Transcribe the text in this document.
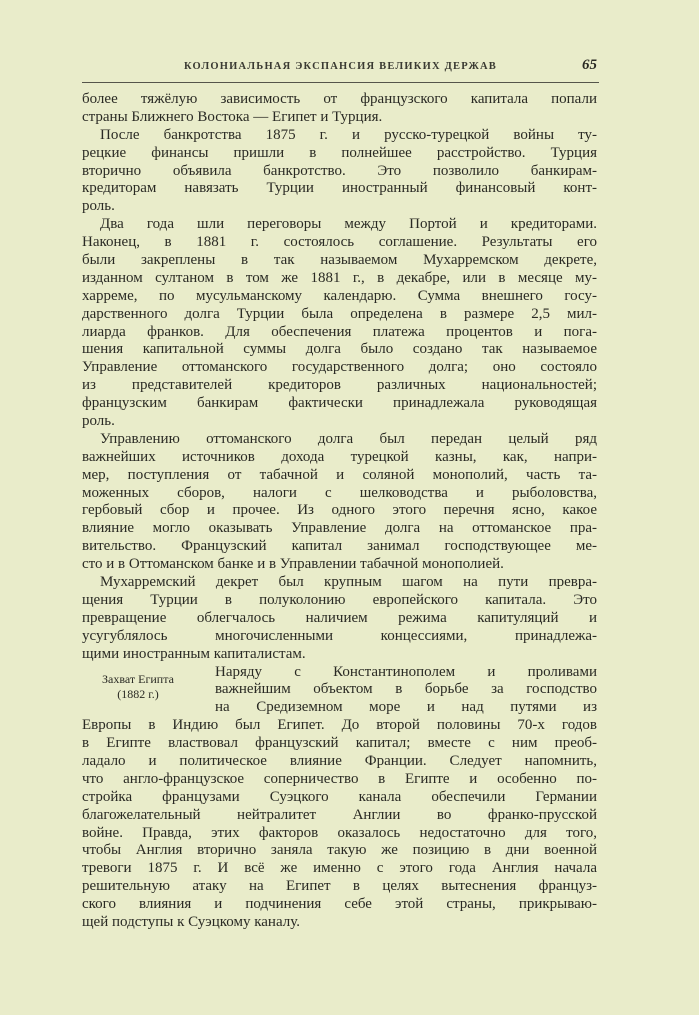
КОЛОНИАЛЬНАЯ ЭКСПАНСИЯ ВЕЛИКИХ ДЕРЖАВ	65
Захват Египта
(1882 г.)
более тяжёлую зависимость от французского капитала попали
страны Ближнего Востока — Египет и Турция.
После банкротства 1875 г. и русско-турецкой войны ту-
рецкие финансы пришли в полнейшее расстройство. Турция
вторично объявила банкротство. Это позволило банкирам-
кредиторам навязать Турции иностранный финансовый конт-
роль.
Два года шли переговоры между Портой и кредиторами.
Наконец, в 1881 г. состоялось соглашение. Результаты его
были закреплены в так называемом Мухарремском декрете,
изданном султаном в том же 1881 г., в декабре, или в месяце му-
харреме, по мусульманскому календарю. Сумма внешнего госу-
дарственного долга Турции была определена в размере 2,5 мил-
лиарда франков. Для обеспечения платежа процентов и пога-
шения капитальной суммы долга было создано так называемое
Управление оттоманского государственного долга; оно состояло
из представителей кредиторов различных национальностей;
французским банкирам фактически принадлежала руководящая
роль.
Управлению оттоманского долга был передан целый ряд
важнейших источников дохода турецкой казны, как, напри-
мер, поступления от табачной и соляной монополий, часть та-
моженных сборов, налоги с шелководства и рыболовства,
гербовый сбор и прочее. Из одного этого перечня ясно, какое
влияние могло оказывать Управление долга на оттоманское пра-
вительство. Французский капитал занимал господствующее ме-
сто и в Оттоманском банке и в Управлении табачной монополией.
Мухарремский декрет был крупным шагом на пути превра-
щения Турции в полуколонию европейского капитала. Это
превращение облегчалось наличием режима капитуляций и
усугублялось многочисленными концессиями, принадлежа-
щими иностранным капиталистам.
Наряду с Константинополем и проливами
важнейшим объектом в борьбе за господство
на Средиземном море и над путями из
Европы в Индию был Египет. До второй половины 70-х годов
в Египте властвовал французский капитал; вместе с ним преоб-
ладало и политическое влияние Франции. Следует напомнить,
что англо-французское соперничество в Египте и особенно по-
стройка французами Суэцкого канала обеспечили Германии
благожелательный нейтралитет Англии во франко-прусской
войне. Правда, этих факторов оказалось недостаточно для того,
чтобы Англия вторично заняла такую же позицию в дни военной
тревоги 1875 г. И всё же именно с этого года Англия начала
решительную атаку на Египет в целях вытеснения француз-
ского влияния и подчинения себе этой страны, прикрываю-
щей подступы к Суэцкому каналу.
